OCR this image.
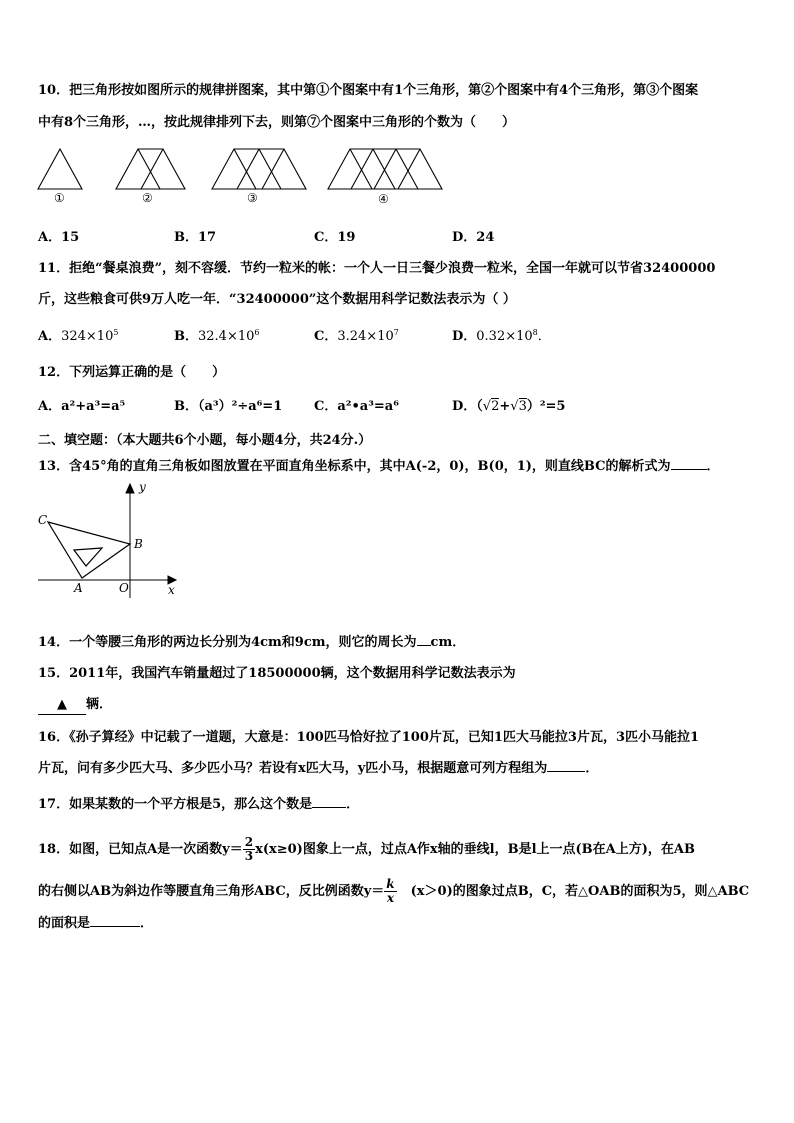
10．把三角形按如图所示的规律拼图案，其中第①个图案中有1个三角形，第②个图案中有4个三角形，第③个图案
中有8个三角形，…，按此规律排列下去，则第⑦个图案中三角形的个数为（　　）
①	②	③	④
A．15	B．17	C．19	D．24
11．拒绝“餐桌浪费”，刻不容缓．节约一粒米的帐：一个人一日三餐少浪费一粒米，全国一年就可以节省32400000
斤，这些粮食可供9万人吃一年．“32400000”这个数据用科学记数法表示为（ ）
A．$324\times 10^5$	B．$32.4\times 10^6$	C．$3.24\times 10^7$	D．$0.32\times 10^8$．
12．下列运算正确的是（　　）
A．a²+a³=a⁵	B．（a³）²÷a⁶=1 C．a²•a³=a⁶	D．（√2+√3）²=5
二、填空题：（本大题共6个小题，每小题4分，共24分.）
13．含45°角的直角三角板如图放置在平面直角坐标系中，其中A(-2，0)，B(0，1)，则直线BC的解析式为	．
C
B
A	O	x
y
14．一个等腰三角形的两边长分别为4cm和9cm，则它的周长为 cm．
15．2011年，我国汽车销量超过了18500000辆，这个数据用科学记数法表示为
▲ 辆．
16．《孙子算经》中记载了一道题，大意是：100匹马恰好拉了100片瓦，已知1匹大马能拉3片瓦，3匹小马能拉1
片瓦，问有多少匹大马、多少匹小马？若设有x匹大马，y匹小马，根据题意可列方程组为	．
17．如果某数的一个平方根是5，那么这个数是	．
18．如图，已知点A是一次函数$y= \frac{2}{3} x(x\ge 0)$图象上一点，过点A作x轴的垂线l，B是l上一点(B在A上方)，在AB
的右侧以AB为斜边作等腰直角三角形ABC，反比例函数$y= \frac{k}{x} (x>0)$的图象过点B，C，若△OAB的面积为5，则△ABC
的面积是	．
